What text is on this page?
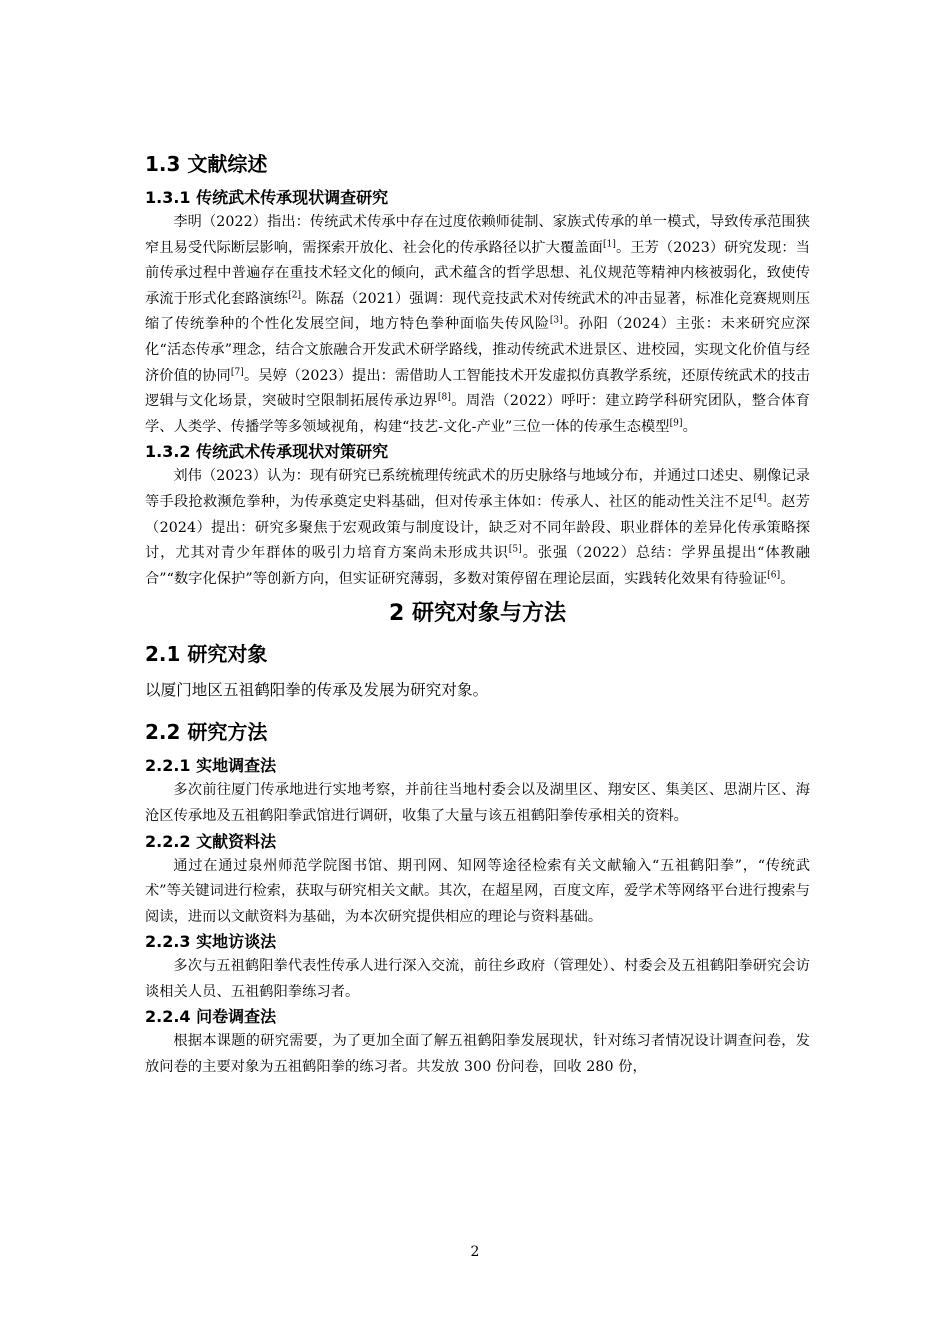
1.3 文献综述
1.3.1 传统武术传承现状调查研究

李明（2022）指出：传统武术传承中存在过度依赖师徒制、家族式传承的单一模式，导致传承范围狭窄且易受代际断层影响，需探索开放化、社会化的传承路径以扩大覆盖面[1]。王芳（2023）研究发现：当前传承过程中普遍存在重技术轻文化的倾向，武术蕴含的哲学思想、礼仪规范等精神内核被弱化，致使传承流于形式化套路演练[2]。陈磊（2021）强调：现代竞技武术对传统武术的冲击显著，标准化竞赛规则压缩了传统拳种的个性化发展空间，地方特色拳种面临失传风险[3]。孙阳（2024）主张：未来研究应深化“活态传承”理念，结合文旅融合开发武术研学路线，推动传统武术进景区、进校园，实现文化价值与经济价值的协同[7]。吴婷（2023）提出：需借助人工智能技术开发虚拟仿真教学系统，还原传统武术的技击逻辑与文化场景，突破时空限制拓展传承边界[8]。周浩（2022）呼吁：建立跨学科研究团队，整合体育学、人类学、传播学等多领域视角，构建“技艺-文化-产业”三位一体的传承生态模型[9]。

1.3.2 传统武术传承现状对策研究

刘伟（2023）认为：现有研究已系统梳理传统武术的历史脉络与地域分布，并通过口述史、剔像记录等手段抢救濒危拳种，为传承奠定史料基础，但对传承主体如：传承人、社区的能动性关注不足[4]。赵芳（2024）提出：研究多聚焦于宏观政策与制度设计，缺乏对不同年龄段、职业群体的差异化传承策略探讨，尤其对青少年群体的吸引力培育方案尚未形成共识[5]。张强（2022）总结：学界虽提出“体教融合”“数字化保护”等创新方向，但实证研究薄弱，多数对策停留在理论层面，实践转化效果有待验证[6]。

2 研究对象与方法
2.1 研究对象

以厦门地区五祖鹤阳拳的传承及发展为研究对象。

2.2 研究方法
2.2.1 实地调查法

多次前往厦门传承地进行实地考察，并前往当地村委会以及湖里区、翔安区、集美区、思湖片区、海沧区传承地及五祖鹤阳拳武馆进行调研，收集了大量与该五祖鹤阳拳传承相关的资料。

2.2.2 文献资料法

通过在通过泉州师范学院图书馆、期刊网、知网等途径检索有关文献输入“五祖鹤阳拳”，“传统武术”等关键词进行检索，获取与研究相关文献。其次，在超星网，百度文库，爱学术等网络平台进行搜索与阅读，进而以文献资料为基础，为本次研究提供相应的理论与资料基础。

2.2.3 实地访谈法

多次与五祖鹤阳拳代表性传承人进行深入交流，前往乡政府（管理处）、村委会及五祖鹤阳拳研究会访谈相关人员、五祖鹤阳拳练习者。

2.2.4 问卷调查法

根据本课题的研究需要，为了更加全面了解五祖鹤阳拳发展现状，针对练习者情况设计调查问卷，发放问卷的主要对象为五祖鹤阳拳的练习者。共发放 300 份问卷，回收 280 份，

2
